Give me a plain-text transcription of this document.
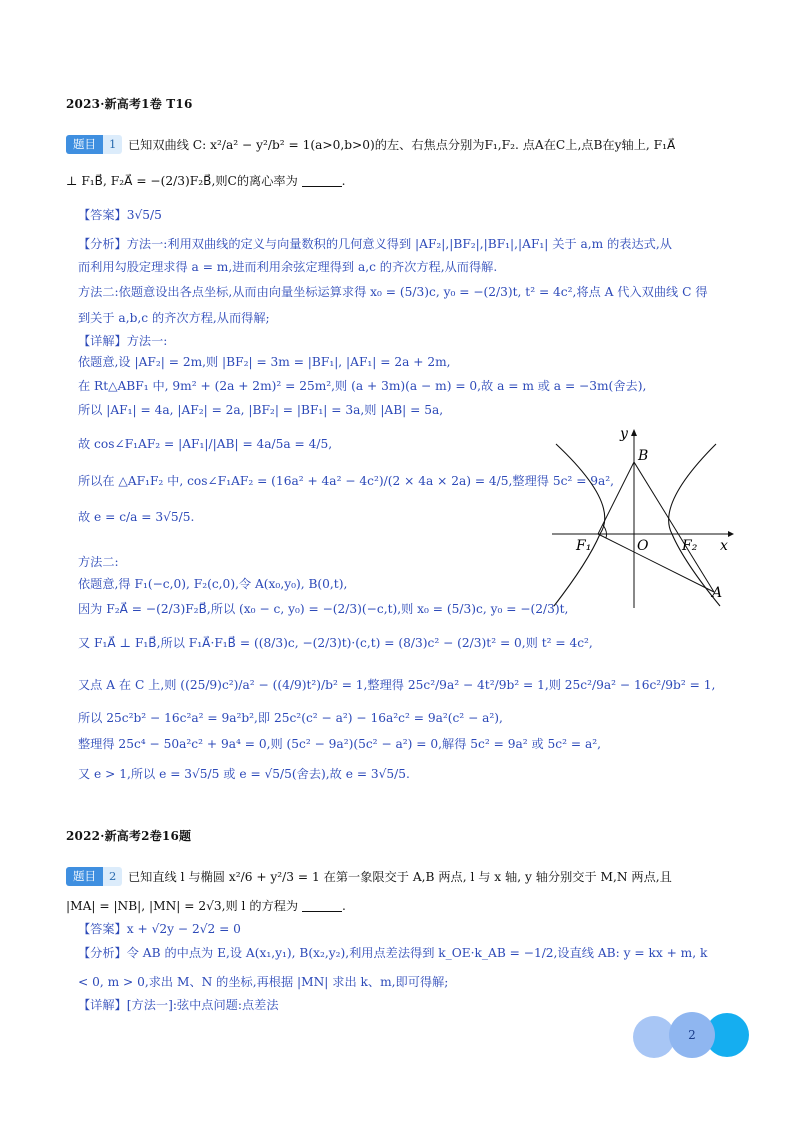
2023·新高考1卷 T16
题目	1 已知双曲线 C: x²/a² − y²/b² = 1(a>0,b>0)的左、右焦点分别为F₁,F₂. 点A在C上,点B在y轴上, F₁A⃗
⊥ F₁B⃗, F₂A⃗ = −(2/3)F₂B⃗,则C的离心率为	.
【答案】3√5/5
【分析】方法一:利用双曲线的定义与向量数积的几何意义得到 |AF₂|,|BF₂|,|BF₁|,|AF₁| 关于 a,m 的表达式,从
而利用勾股定理求得 a = m,进而利用余弦定理得到 a,c 的齐次方程,从而得解.
方法二:依题意设出各点坐标,从而由向量坐标运算求得 x₀ = (5/3)c, y₀ = −(2/3)t, t² = 4c²,将点 A 代入双曲线 C 得
到关于 a,b,c 的齐次方程,从而得解;
【详解】方法一:
依题意,设 |AF₂| = 2m,则 |BF₂| = 3m = |BF₁|, |AF₁| = 2a + 2m,
在 Rt△ABF₁ 中, 9m² + (2a + 2m)² = 25m²,则 (a + 3m)(a − m) = 0,故 a = m 或 a = −3m(舍去),
所以 |AF₁| = 4a, |AF₂| = 2a, |BF₂| = |BF₁| = 3a,则 |AB| = 5a,
故 cos∠F₁AF₂ = |AF₁|/|AB| = 4a/5a = 4/5,
所以在 △AF₁F₂ 中, cos∠F₁AF₂ = (16a² + 4a² − 4c²)/(2 × 4a × 2a) = 4/5,整理得 5c² = 9a²,
故 e = c/a = 3√5/5.
方法二:
依题意,得 F₁(−c,0), F₂(c,0),令 A(x₀,y₀), B(0,t),
因为 F₂A⃗ = −(2/3)F₂B⃗,所以 (x₀ − c, y₀) = −(2/3)(−c,t),则 x₀ = (5/3)c, y₀ = −(2/3)t,
又 F₁A⃗ ⊥ F₁B⃗,所以 F₁A⃗·F₁B⃗ = ((8/3)c, −(2/3)t)·(c,t) = (8/3)c² − (2/3)t² = 0,则 t² = 4c²,
又点 A 在 C 上,则 ((25/9)c²)/a² − ((4/9)t²)/b² = 1,整理得 25c²/9a² − 4t²/9b² = 1,则 25c²/9a² − 16c²/9b² = 1,
所以 25c²b² − 16c²a² = 9a²b²,即 25c²(c² − a²) − 16a²c² = 9a²(c² − a²),
整理得 25c⁴ − 50a²c² + 9a⁴ = 0,则 (5c² − 9a²)(5c² − a²) = 0,解得 5c² = 9a² 或 5c² = a²,
又 e > 1,所以 e = 3√5/5 或 e = √5/5(舍去),故 e = 3√5/5.
y
x
B
O
F₁	F₂
A
2022·新高考2卷16题
题目	2 已知直线 l 与椭圆 x²/6 + y²/3 = 1 在第一象限交于 A,B 两点, l 与 x 轴, y 轴分别交于 M,N 两点,且
|MA| = |NB|, |MN| = 2√3,则 l 的方程为	.
【答案】x + √2y − 2√2 = 0
【分析】令 AB 的中点为 E,设 A(x₁,y₁), B(x₂,y₂),利用点差法得到 k_OE·k_AB = −1/2,设直线 AB: y = kx + m, k
< 0, m > 0,求出 M、N 的坐标,再根据 |MN| 求出 k、m,即可得解;
【详解】[方法一]:弦中点问题:点差法
2
